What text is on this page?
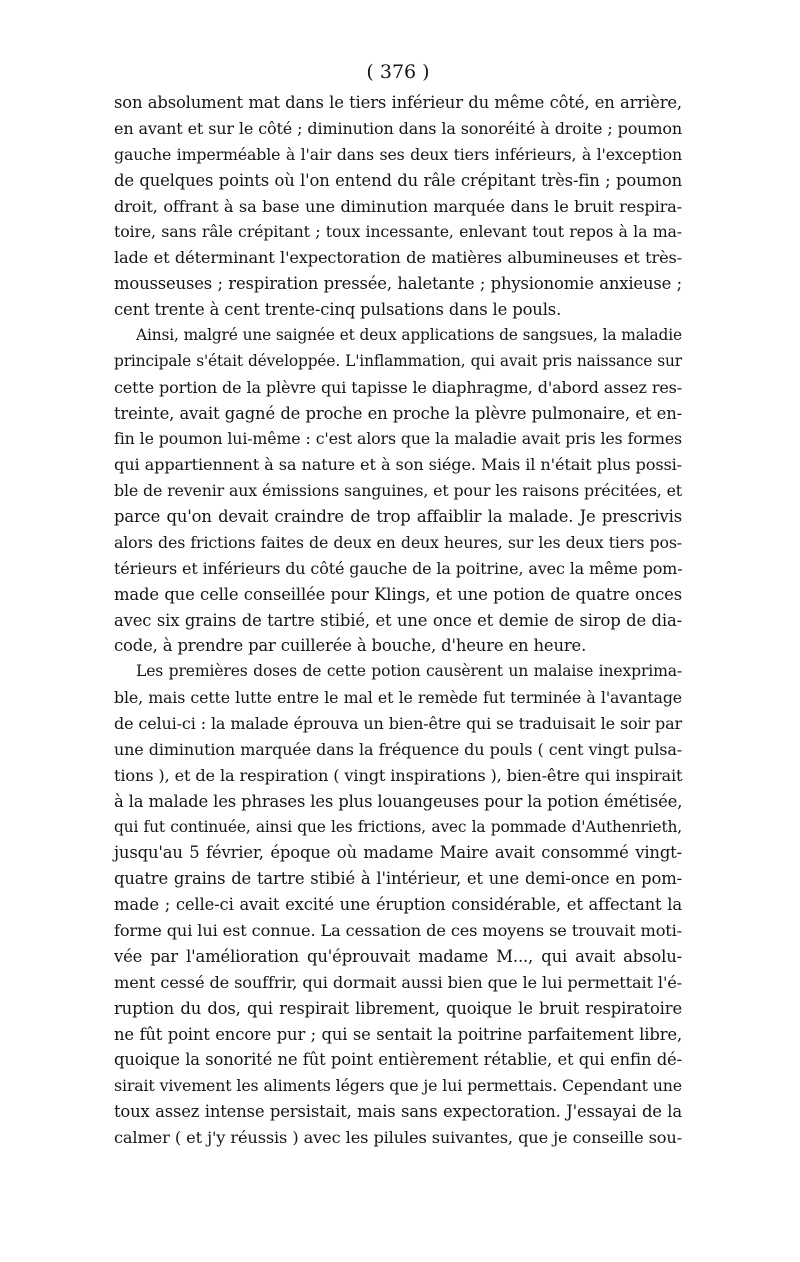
( 376 )
son absolument mat dans le tiers inférieur du même côté, en arrière,
en avant et sur le côté ; diminution dans la sonoréité à droite ; poumon
gauche imperméable à l'air dans ses deux tiers inférieurs, à l'exception
de quelques points où l'on entend du râle crépitant très-fin ; poumon
droit, offrant à sa base une diminution marquée dans le bruit respira-
toire, sans râle crépitant ; toux incessante, enlevant tout repos à la ma-
lade et déterminant l'expectoration de matières albumineuses et très-
mousseuses ; respiration pressée, haletante ; physionomie anxieuse ;
cent trente à cent trente-cinq pulsations dans le pouls.
Ainsi, malgré une saignée et deux applications de sangsues, la maladie
principale s'était développée. L'inflammation, qui avait pris naissance sur
cette portion de la plèvre qui tapisse le diaphragme, d'abord assez res-
treinte, avait gagné de proche en proche la plèvre pulmonaire, et en-
fin le poumon lui-même : c'est alors que la maladie avait pris les formes
qui appartiennent à sa nature et à son siége. Mais il n'était plus possi-
ble de revenir aux émissions sanguines, et pour les raisons précitées, et
parce qu'on devait craindre de trop affaiblir la malade. Je prescrivis
alors des frictions faites de deux en deux heures, sur les deux tiers pos-
térieurs et inférieurs du côté gauche de la poitrine, avec la même pom-
made que celle conseillée pour Klings, et une potion de quatre onces
avec six grains de tartre stibié, et une once et demie de sirop de dia-
code, à prendre par cuillerée à bouche, d'heure en heure.
Les premières doses de cette potion causèrent un malaise inexprima-
ble, mais cette lutte entre le mal et le remède fut terminée à l'avantage
de celui-ci : la malade éprouva un bien-être qui se traduisait le soir par
une diminution marquée dans la fréquence du pouls ( cent vingt pulsa-
tions ), et de la respiration ( vingt inspirations ), bien-être qui inspirait
à la malade les phrases les plus louangeuses pour la potion émétisée,
qui fut continuée, ainsi que les frictions, avec la pommade d'Authenrieth,
jusqu'au 5 février, époque où madame Maire avait consommé vingt-
quatre grains de tartre stibié à l'intérieur, et une demi-once en pom-
made ; celle-ci avait excité une éruption considérable, et affectant la
forme qui lui est connue. La cessation de ces moyens se trouvait moti-
vée par l'amélioration qu'éprouvait madame M..., qui avait absolu-
ment cessé de souffrir, qui dormait aussi bien que le lui permettait l'é-
ruption du dos, qui respirait librement, quoique le bruit respiratoire
ne fût point encore pur ; qui se sentait la poitrine parfaitement libre,
quoique la sonorité ne fût point entièrement rétablie, et qui enfin dé-
sirait vivement les aliments légers que je lui permettais. Cependant une
toux assez intense persistait, mais sans expectoration. J'essayai de la
calmer ( et j'y réussis ) avec les pilules suivantes, que je conseille sou-
